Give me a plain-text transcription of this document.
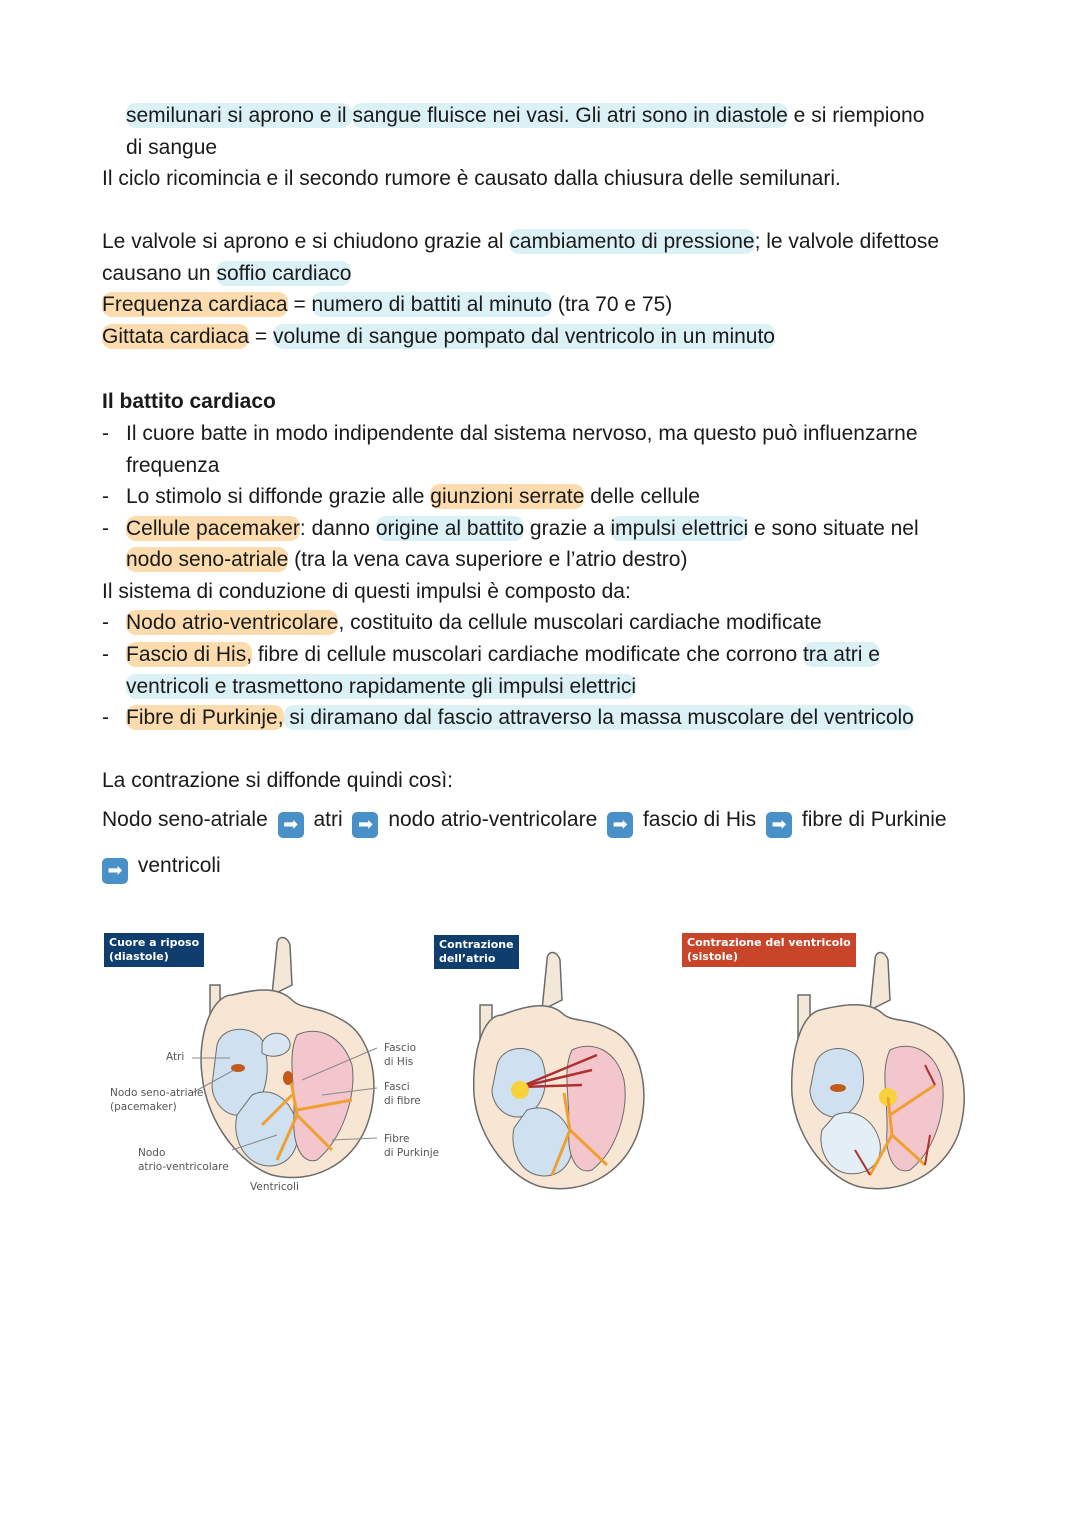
semilunari si aprono e il sangue fluisce nei vasi. Gli atri sono in diastole e si riempiono
di sangue
Il ciclo ricomincia e il secondo rumore è causato dalla chiusura delle semilunari.
Le valvole si aprono e si chiudono grazie al cambiamento di pressione; le valvole difettose
causano un soffio cardiaco
Frequenza cardiaca = numero di battiti al minuto (tra 70 e 75)
Gittata cardiaca = volume di sangue pompato dal ventricolo in un minuto
Il battito cardiaco
- Il cuore batte in modo indipendente dal sistema nervoso, ma questo può influenzarne
frequenza
- Lo stimolo si diffonde grazie alle giunzioni serrate delle cellule
- Cellule pacemaker: danno origine al battito grazie a impulsi elettrici e sono situate nel
nodo seno-atriale (tra la vena cava superiore e l’atrio destro)
Il sistema di conduzione di questi impulsi è composto da:
- Nodo atrio-ventricolare, costituito da cellule muscolari cardiache modificate
- Fascio di His, fibre di cellule muscolari cardiache modificate che corrono tra atri e
ventricoli e trasmettono rapidamente gli impulsi elettrici
- Fibre di Purkinje, si diramano dal fascio attraverso la massa muscolare del ventricolo
La contrazione si diffonde quindi così:
Nodo seno-atriale ➡ atri ➡ nodo atrio-ventricolare ➡ fascio di His ➡ fibre di Purkinie
➡ ventricoli
Cuore a riposo
(diastole)
Atri
Nodo seno-atriale
(pacemaker)
Nodo
atrio-ventricolare
Ventricoli
Fascio
di His
Fasci
di fibre
Fibre
di Purkinje
Contrazione
dell’atrio
Contrazione del ventricolo
(sistole)
